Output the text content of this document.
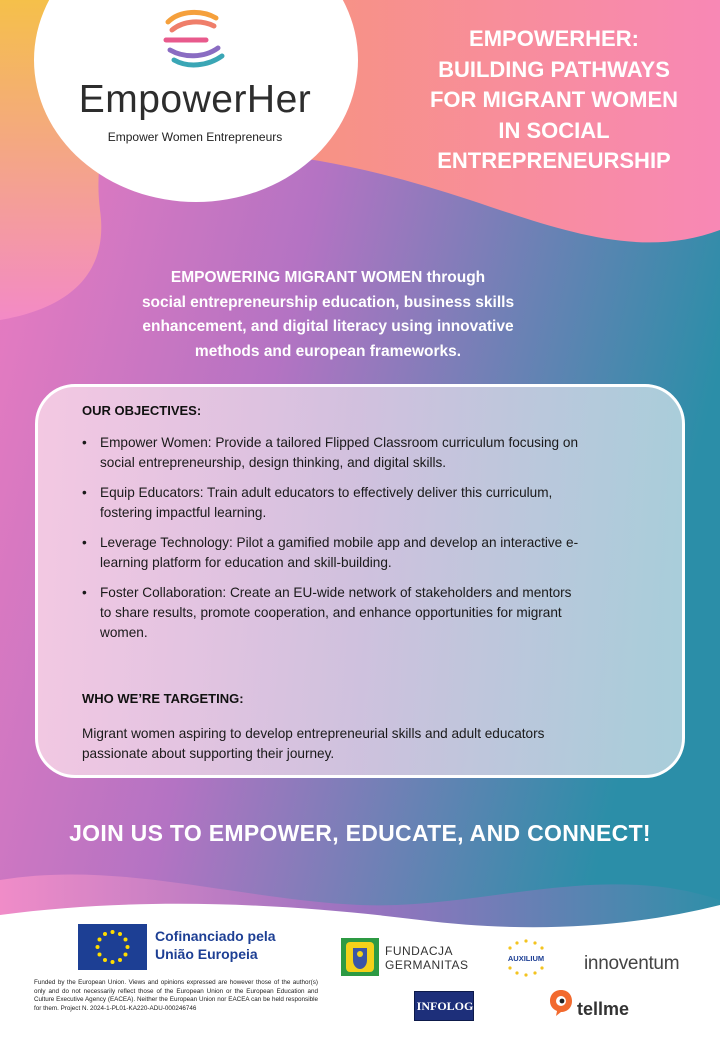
EmpowerHer
Empower Women Entrepreneurs
EMPOWERHER:
BUILDING PATHWAYS
FOR MIGRANT WOMEN
IN SOCIAL
ENTREPRENEURSHIP
EMPOWERING MIGRANT WOMEN through
social entrepreneurship education, business skills
enhancement, and digital literacy using innovative
methods and european frameworks.
OUR OBJECTIVES:
• Empower Women: Provide a tailored Flipped Classroom curriculum focusing on
social entrepreneurship, design thinking, and digital skills.
• Equip Educators: Train adult educators to effectively deliver this curriculum,
fostering impactful learning.
• Leverage Technology: Pilot a gamified mobile app and develop an interactive e-
learning platform for education and skill-building.
• Foster Collaboration: Create an EU-wide network of stakeholders and mentors
to share results, promote cooperation, and enhance opportunities for migrant
women.
WHO WE’RE TARGETING:
Migrant women aspiring to develop entrepreneurial skills and adult educators
passionate about supporting their journey.
JOIN US TO EMPOWER, EDUCATE, AND CONNECT!
Cofinanciado pela
União Europeia
Funded by the European Union. Views and opinions expressed are however those of the author(s) only and do not necessarily reflect those of the European Union or the European Education and Culture Executive Agency (EACEA). Neither the European Union nor EACEA can be held responsible for them. Project N. 2024-1-PL01-KA220-ADU-000246746
FUNDACJA
GERMANITAS	AUXILIUM	innoventum
INFOLOG	tellme
